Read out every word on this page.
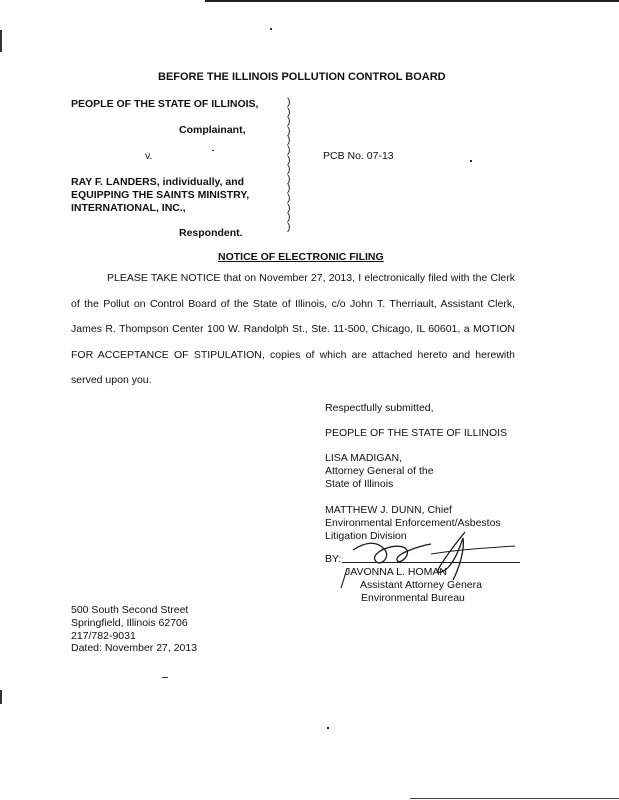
BEFORE THE ILLINOIS POLLUTION CONTROL BOARD
PEOPLE OF THE STATE OF ILLINOIS,
Complainant,
v.
RAY F. LANDERS, individually, and
EQUIPPING THE SAINTS MINISTRY,
INTERNATIONAL, INC.,
Respondent.
)
)
)
)
)
)
)
)
)
)
)
)
)
)
PCB No. 07-13
NOTICE OF ELECTRONIC FILING
PLEASE TAKE NOTICE that on November 27, 2013, I electronically filed with the Clerk of the Pollut on Control Board of the State of Illinois, c/o John T. Therriault, Assistant Clerk, James R. Thompson Center 100 W. Randolph St., Ste. 11-500, Chicago, IL 60601, a MOTION FOR ACCEPTANCE OF STIPULATION, copies of which are attached hereto and herewith served upon you.
Respectfully submitted,
PEOPLE OF THE STATE OF ILLINOIS
LISA MADIGAN,
Attorney General of the
State of Illinois
MATTHEW J. DUNN, Chief
Environmental Enforcement/Asbestos
Litigation Division
BY:
JAVONNA L. HOMAN
Assistant Attorney Genera
Environmental Bureau
500 South Second Street
Springfield, Illinois 62706
217/782-9031
Dated: November 27, 2013
